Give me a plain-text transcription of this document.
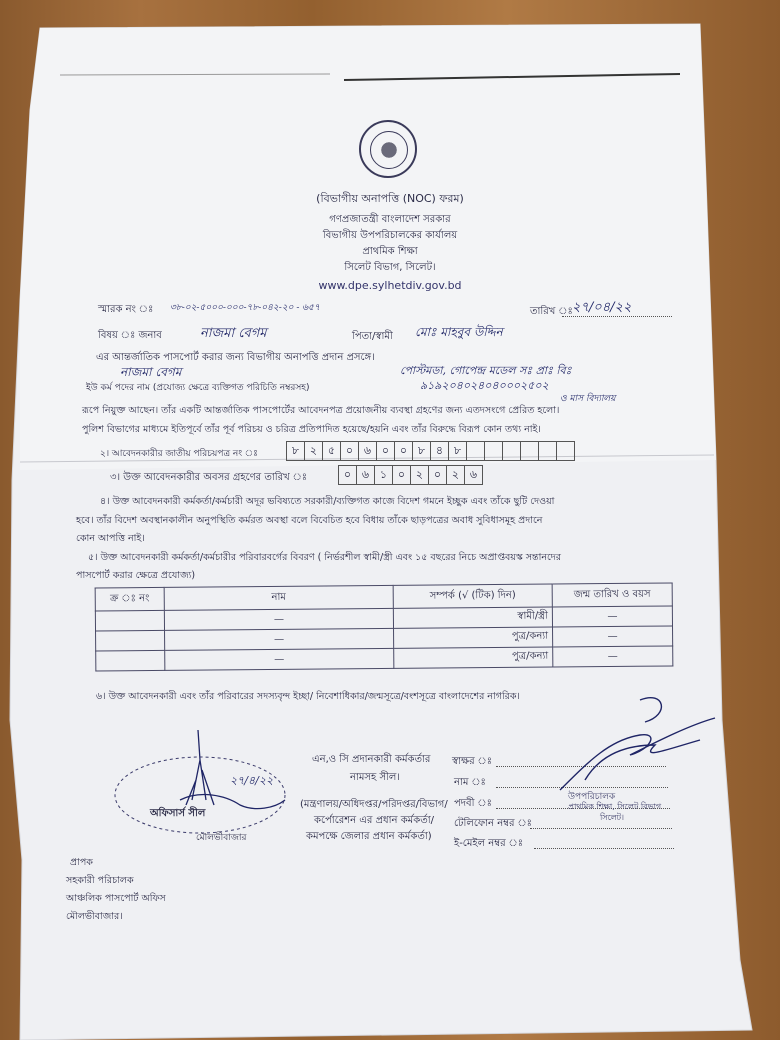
(বিভাগীয় অনাপত্তি (NOC) ফরম)
গণপ্রজাতন্ত্রী বাংলাদেশ সরকার
বিভাগীয় উপপরিচালকের কার্যালয়
প্রাথমিক শিক্ষা
সিলেট বিভাগ, সিলেট।
www.dpe.sylhetdiv.gov.bd
স্মারক নং ঃ ৩৮-০২-৫০০০-০০০-৭৮-০৪২-২০ - ৬৫৭	তারিখ ঃ ২৭/০৪/২২
বিষয় ঃ জনাব	নাজমা বেগম	পিতা/স্বামী মোঃ মাহবুব উদ্দিন
এর আন্তর্জাতিক পাসপোর্ট করার জন্য বিভাগীয় অনাপত্তি প্রদান প্রসঙ্গে।
নাজমা বেগম	পোস্টমডা, গোপেন্দ্র মডেল সঃ প্রাঃ বিঃ
ইউ কর্ম পদের নাম (প্রযোজ্য ক্ষেত্রে ব্যক্তিগত পরিচিতি নম্বরসহ)	৯১৯২০৪০২৪০৪০০০২৫০২
ও মাস বিদ্যালয়
রূপে নিয়ুক্ত আছেন। তাঁর একটি আন্তর্জাতিক পাসপোর্টের আবেদনপত্র প্রয়োজনীয় ব্যবস্থা গ্রহণের জন্য এতদসংগে প্রেরিত হলো।
পুলিশ বিভাগের মাধ্যমে ইতিপূর্বে তাঁর পূর্ব পরিচয় ও চরিত্র প্রতিপাদিত হয়েছে/হয়নি এবং তাঁর বিরুদ্ধে বিরূপ কোন তথ্য নাই।
২। আবেদনকারীর জাতীয় পরিচয়পত্র নং ঃ	৮ ২ ৫ ০ ৬ ০ ০ ৮ ৪ ৮
৩। উক্ত আবেদনকারীর অবসর গ্রহণের তারিখ ঃ	০ ৬ ১ ০ ২ ০ ২ ৬
৪। উক্ত আবেদনকারী কর্মকর্তা/কর্মচারী অদূর ভবিষ্যতে সরকারী/ব্যক্তিগত কাজে বিদেশ গমনে ইচ্ছুক এবং তাঁকে ছুটি দেওয়া
হবে। তাঁর বিদেশ অবস্থানকালীন অনুপস্থিতি কর্মরত অবস্থা বলে বিবেচিত হবে বিধায় তাঁকে ছাড়পত্রের অবাধ সুবিধাসমূহ প্রদানে
কোন আপত্তি নাই।
৫। উক্ত আবেদনকারী কর্মকর্তা/কর্মচারীর পরিবারবর্গের বিবরণ ( নির্ভরশীল স্বামী/স্ত্রী এবং ১৫ বছরের নিচে অপ্রাপ্তবয়স্ক সন্তানদের
পাসপোর্ট করার ক্ষেত্রে প্রযোজ্য)
ক্র ঃ নং	নাম	সম্পর্ক (√ (টিক) দিন)	জন্ম তারিখ ও বয়স
	—	স্বামী/স্ত্রী	—
	—	পুত্র/কন্যা	—
	—	পুত্র/কন্যা	—
৬। উক্ত আবেদনকারী এবং তাঁর পরিবারের সদস্যবৃন্দ ইচ্ছা/ নিবেশাধিকার/জন্মসূত্রে/বংশসূত্রে বাংলাদেশের নাগরিক।
এন,ও সি প্রদানকারী কর্মকর্তার
নামসহ সীল।
(মন্ত্রণালয়/অধিদপ্তর/পরিদপ্তর/বিভাগ/
কর্পোরেশন এর প্রধান কর্মকর্তা/
কমপক্ষে জেলার প্রধান কর্মকর্তা)
স্বাক্ষর ঃ
নাম ঃ
পদবী ঃ
টেলিফোন নম্বর ঃ
ই-মেইল নম্বর ঃ
উপপরিচালক
প্রাথমিক শিক্ষা, সিলেট বিভাগ
সিলেট।
২৭/৪/২২
অফিসার্স সীল
মৌলভীবাজার
প্রাপক
সহকারী পরিচালক
আঞ্চলিক পাসপোর্ট অফিস
মৌলভীবাজার।
